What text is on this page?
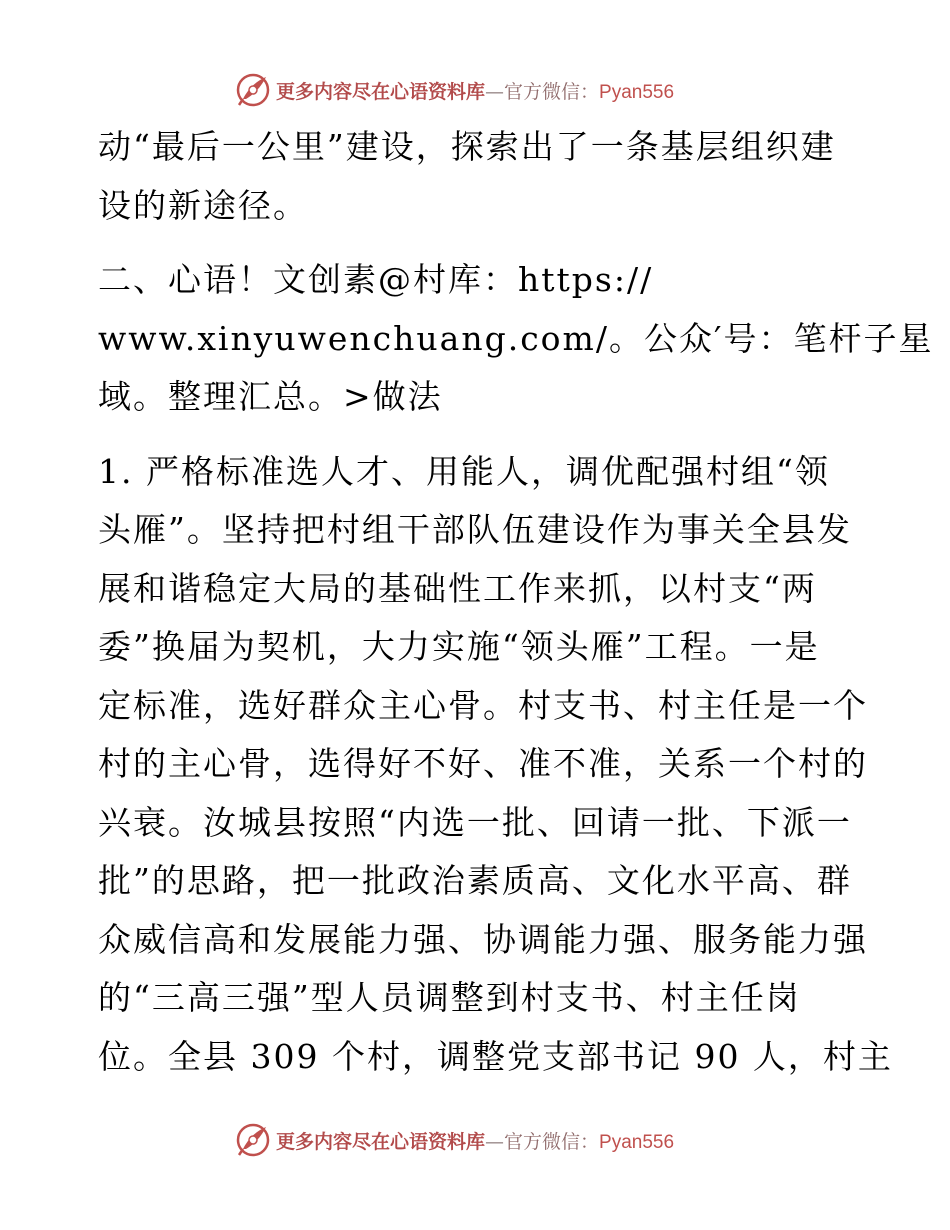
更多内容尽在心语资料库—官方微信：Pyan556
动“最后一公里”建设，探索出了一条基层组织建
设的新途径。
二、心语！文创素@村库：https://
www.xinyuwenchuang.com/。公众′号：笔杆子星
域。整理汇总。>做法
1. 严格标准选人才、用能人，调优配强村组“领
头雁”。坚持把村组干部队伍建设作为事关全县发
展和谐稳定大局的基础性工作来抓，以村支“两
委”换届为契机，大力实施“领头雁”工程。一是
定标准，选好群众主心骨。村支书、村主任是一个
村的主心骨，选得好不好、准不准，关系一个村的
兴衰。汝城县按照“内选一批、回请一批、下派一
批”的思路，把一批政治素质高、文化水平高、群
众威信高和发展能力强、协调能力强、服务能力强
的“三高三强”型人员调整到村支书、村主任岗
位。全县 309 个村，调整党支部书记 90 人，村主
更多内容尽在心语资料库—官方微信：Pyan556
